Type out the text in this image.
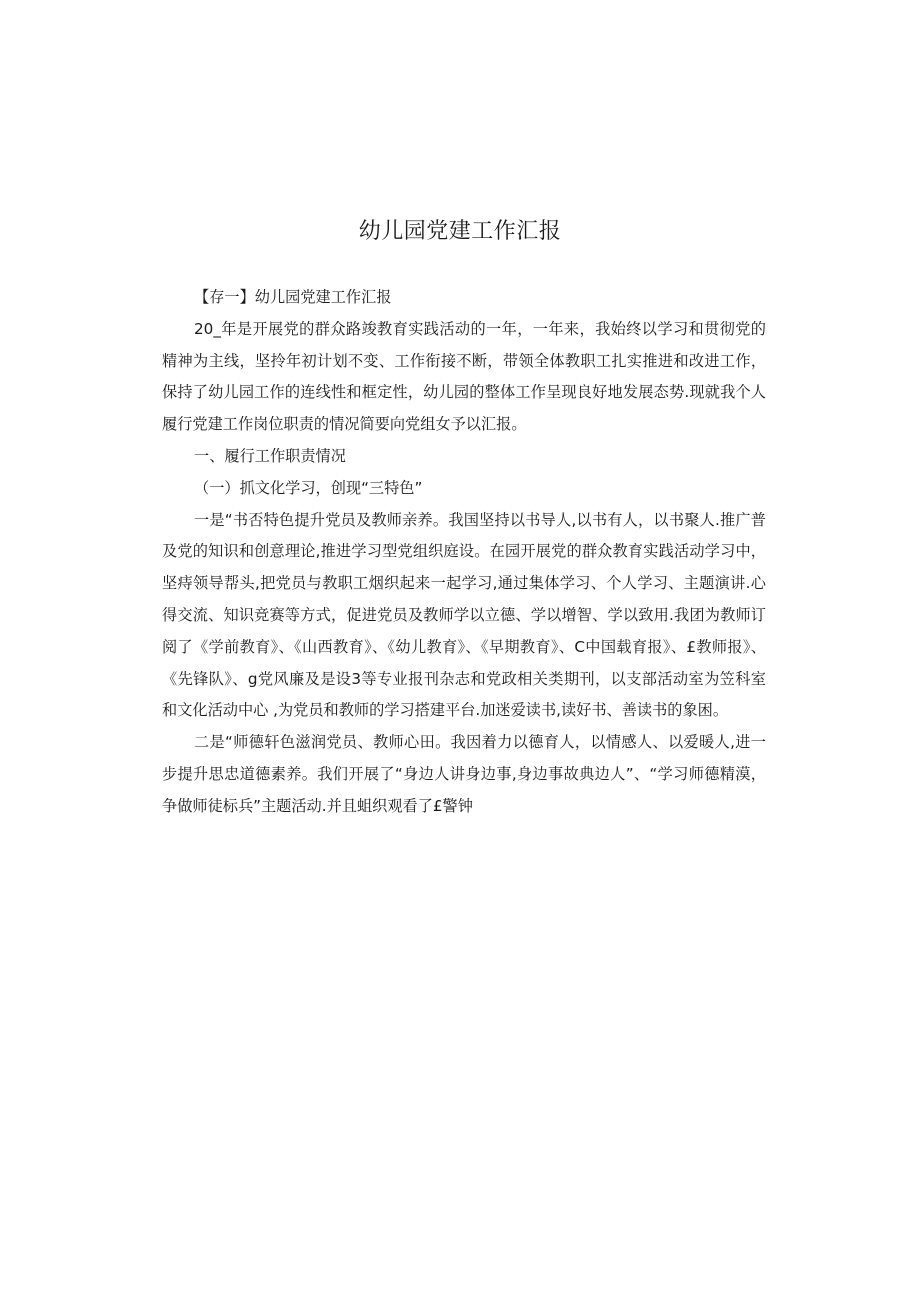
幼儿园党建工作汇报

【存一】幼儿园党建工作汇报

20_年是开展党的群众路竣教育实践活动的一年，一年来，我始终以学习和贯彻党的精神为主线，坚拎年初计划不变、工作衔接不断，带领全体教职工扎实推进和改进工作，保持了幼儿园工作的连线性和框定性，幼儿园的整体工作呈现良好地发展态势.现就我个人履行党建工作岗位职责的情况简要向党组女予以汇报。

一、履行工作职责情况

（一）抓文化学习，创现“三特色”

一是“书否特色提升党员及教师亲养。我国坚持以书导人,以书有人，以书聚人.推广普及党的知识和创意理论,推进学习型党组织庭设。在园开展党的群众教育实践活动学习中，坚痔领导帮头,把党员与教职工烟织起来一起学习,通过集体学习、个人学习、主题演讲.心得交流、知识竞赛等方式，促进党员及教师学以立德、学以增智、学以致用.我团为教师订阅了《学前教育》、《山西教育》、《幼儿教育》、《早期教育》、C中国载育报》、£教师报》、《先锋队》、g党风廉及是设3等专业报刊杂志和党政相关类期刊，以支部活动室为笠科室和文化活动中心 ,为党员和教师的学习搭建平台.加迷爱读书,读好书、善读书的象困。

二是“师德轩色滋润党员、教师心田。我因着力以德育人，以情感人、以爱暖人,进一步提升思忠道德素养。我们开展了“身边人讲身边事,身边事故典边人”、“学习师德精漠，争做师徒标兵”主题活动.并且蛆织观看了£警钟
